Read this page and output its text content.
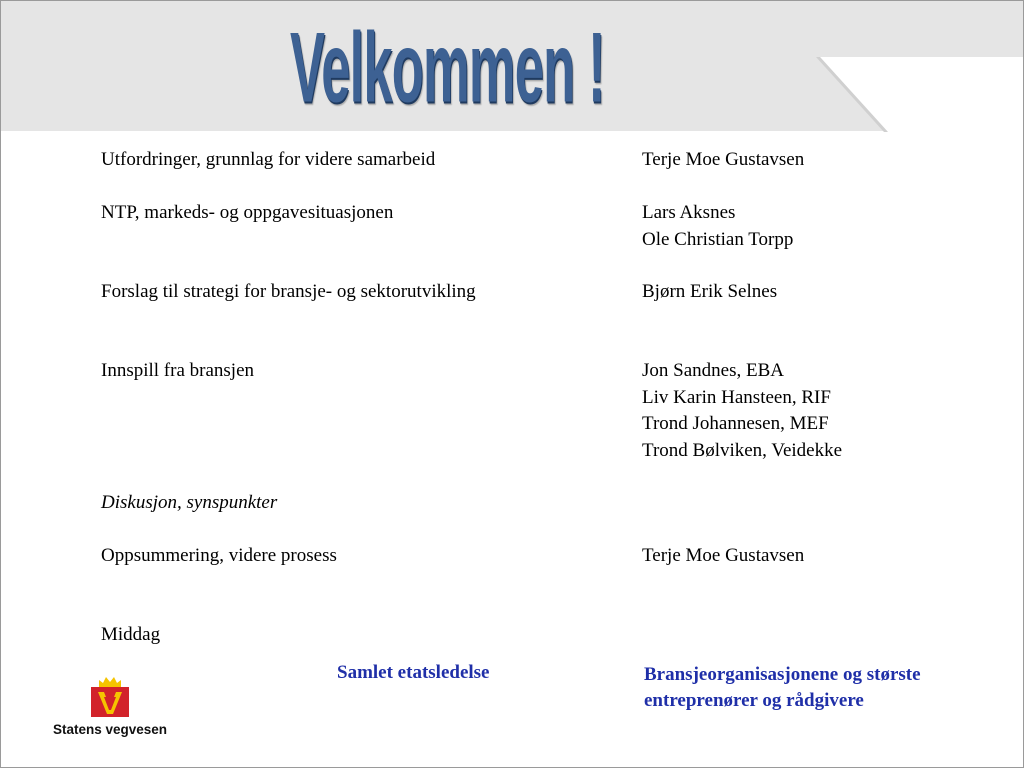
Velkommen !
Utfordringer, grunnlag for videre samarbeid	Terje Moe Gustavsen
NTP, markeds- og oppgavesituasjonen	Lars Aksnes
Ole Christian Torpp
Forslag til strategi for bransje- og sektorutvikling	Bjørn Erik Selnes
Innspill fra bransjen	Jon Sandnes, EBA
Liv Karin Hansteen, RIF
Trond Johannesen, MEF
Trond Bølviken, Veidekke
Diskusjon, synspunkter
Oppsummering, videre prosess	Terje Moe Gustavsen
Middag
Samlet etatsledelse	Bransjeorganisasjonene og største
entreprenører og rådgivere
Statens vegvesen
